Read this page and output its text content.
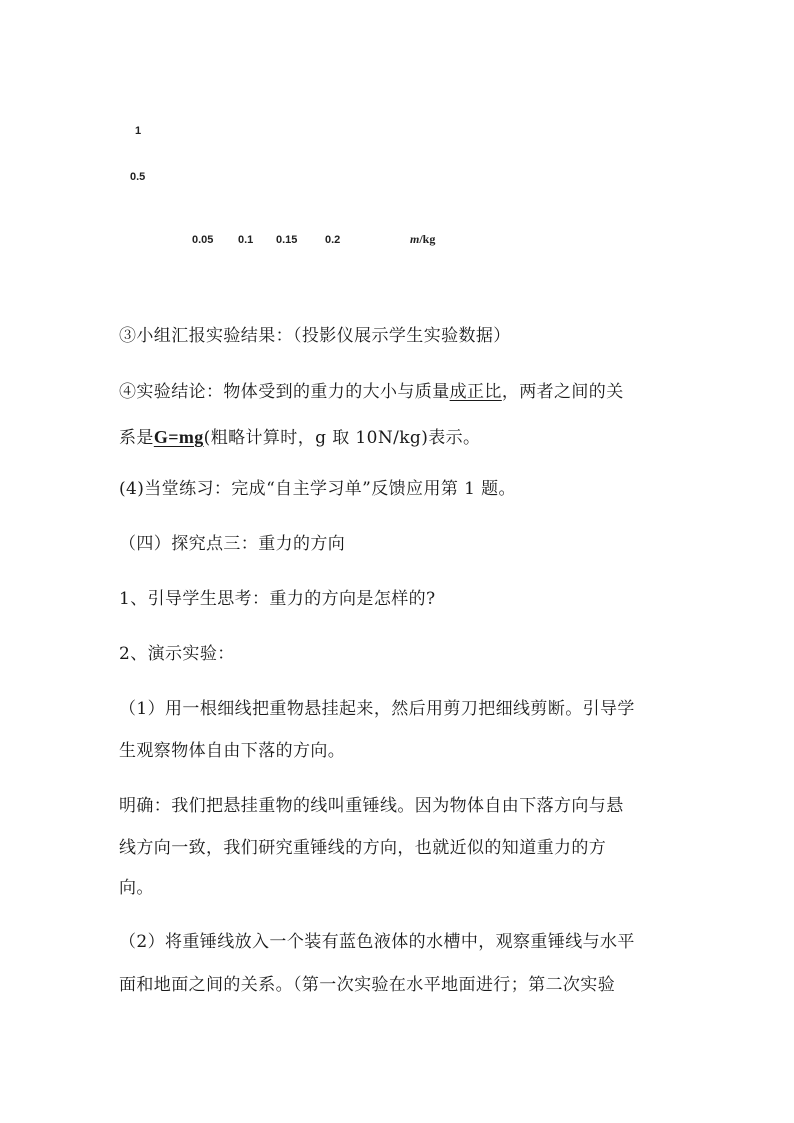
1
0.5
0.05 0.1 0.15	0.2	m/kg
③小组汇报实验结果：（投影仪展示学生实验数据）
④实验结论：物体受到的重力的大小与质量成正比，两者之间的关
系是G=mg(粗略计算时，g 取 10N/kg)表示。
(4)当堂练习：完成“自主学习单”反馈应用第 1 题。
（四）探究点三：重力的方向
1、引导学生思考：重力的方向是怎样的?
2、演示实验：
（1）用一根细线把重物悬挂起来，然后用剪刀把细线剪断。引导学
生观察物体自由下落的方向。
明确：我们把悬挂重物的线叫重锤线。因为物体自由下落方向与悬
线方向一致，我们研究重锤线的方向，也就近似的知道重力的方
向。
（2）将重锤线放入一个装有蓝色液体的水槽中，观察重锤线与水平
面和地面之间的关系。（第一次实验在水平地面进行；第二次实验
